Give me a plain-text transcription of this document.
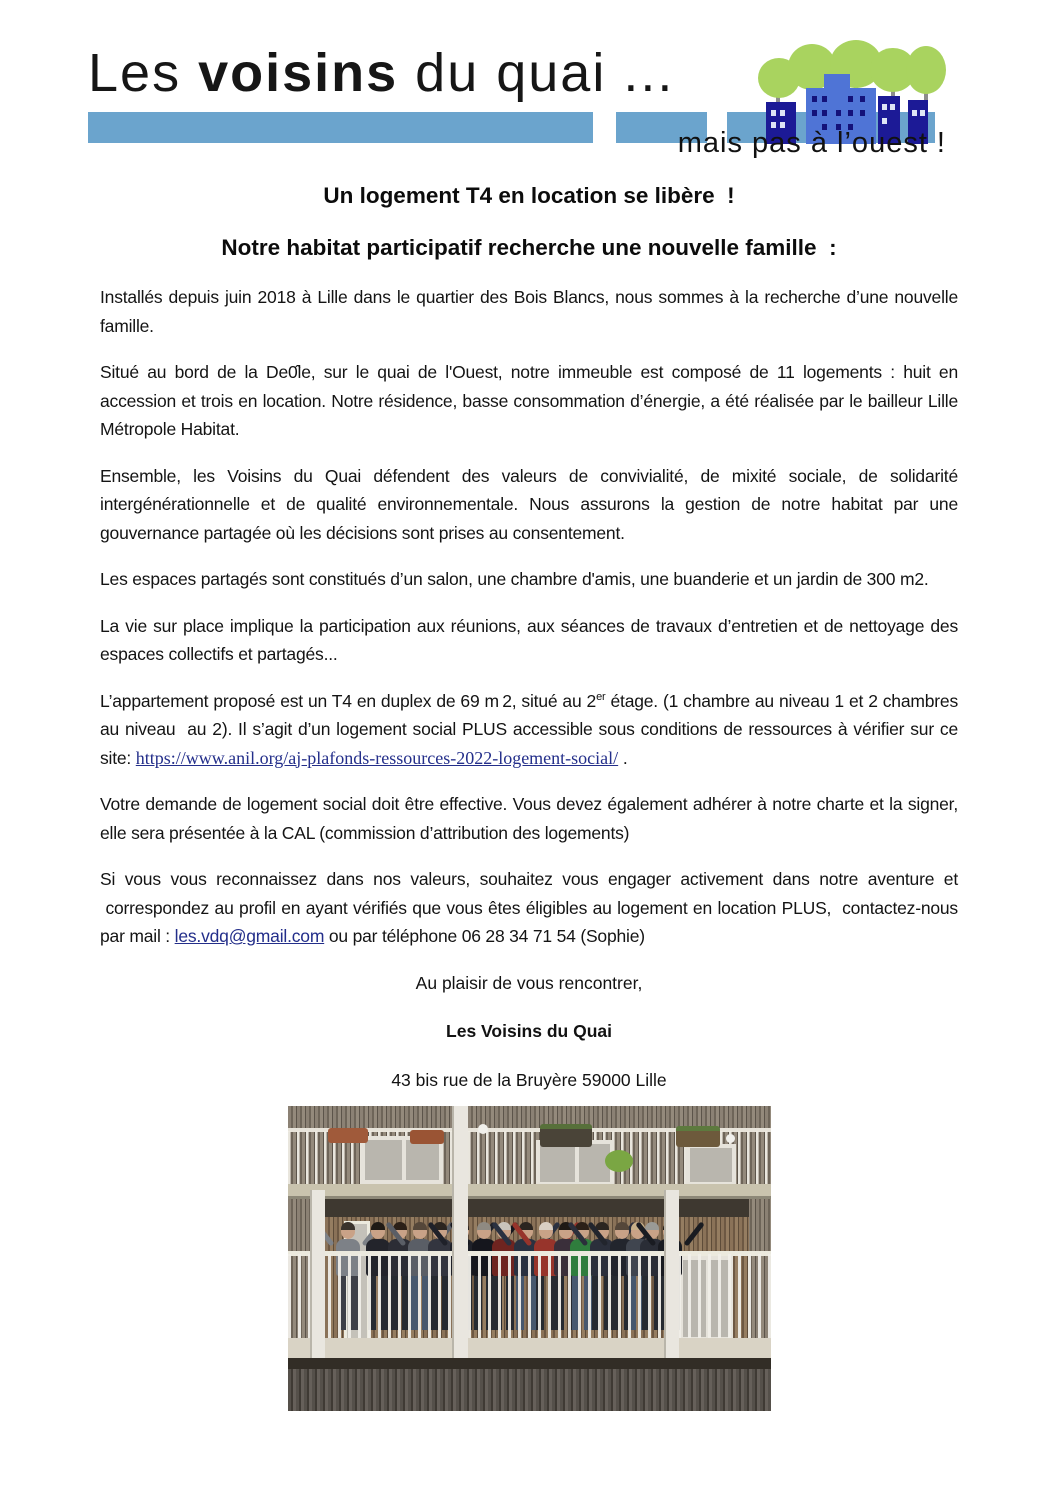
Les voisins du quai ...
mais pas à l’ouest !
Un logement T4 en location se libère  !
Notre habitat participatif recherche une nouvelle famille  :

Installés depuis juin 2018 à Lille dans le quartier des Bois Blancs, nous sommes à la recherche d’une nouvelle famille.

Situé au bord de la De0̂le, sur le quai de l'Ouest, notre immeuble est composé de 11 logements : huit en accession et trois en location. Notre résidence, basse consommation d’énergie, a été réalisée par le bailleur Lille Métropole Habitat.

Ensemble, les Voisins du Quai défendent des valeurs de convivialité, de mixité sociale, de solidarité intergénérationnelle et de qualité environnementale. Nous assurons la gestion de notre habitat par une gouvernance partagée où les décisions sont prises au consentement.

Les espaces partagés sont constitués d’un salon, une chambre d'amis, une buanderie et un jardin de 300 m2.

La vie sur place implique la participation aux réunions, aux séances de travaux d’entretien et de nettoyage des espaces collectifs et partagés...

L’appartement proposé est un T4 en duplex de 69 m 2, situé au 2er étage. (1 chambre au niveau 1 et 2 chambres au niveau  au 2). Il s’agit d’un logement social PLUS accessible sous conditions de ressources à vérifier sur ce site: https://www.anil.org/aj-plafonds-ressources-2022-logement-social/ .

Votre demande de logement social doit être effective. Vous devez également adhérer à notre charte et la signer, elle sera présentée à la CAL (commission d’attribution des logements)

Si vous vous reconnaissez dans nos valeurs, souhaitez vous engager activement dans notre aventure et  correspondez au profil en ayant vérifiés que vous êtes éligibles au logement en location PLUS,  contactez-nous par mail : les.vdq@gmail.com ou par téléphone 06 28 34 71 54 (Sophie)

Au plaisir de vous rencontrer,
Les Voisins du Quai
43 bis rue de la Bruyère 59000 Lille
